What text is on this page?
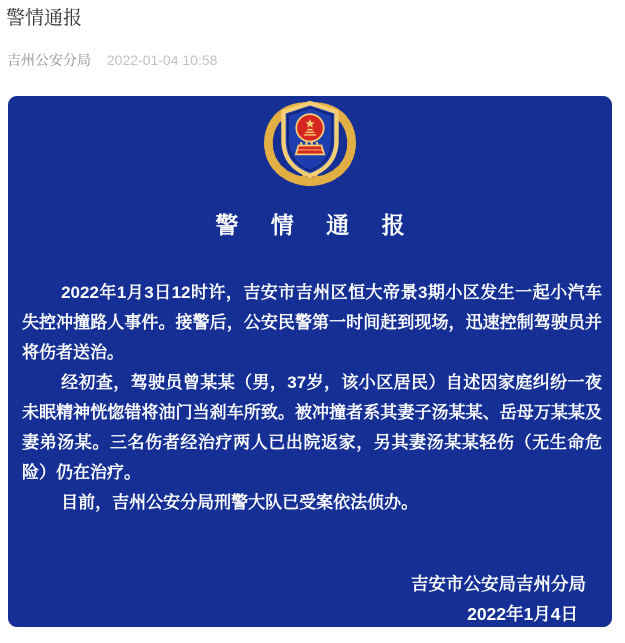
警情通报
吉州公安分局 2022-01-04 10:58
警 情 通 报

2022年1月3日12时许，吉安市吉州区恒大帝景3期小区发生一起小汽车失控冲撞路人事件。接警后，公安民警第一时间赶到现场，迅速控制驾驶员并将伤者送治。

经初查，驾驶员曾某某（男，37岁，该小区居民）自述因家庭纠纷一夜未眠精神恍惚错将油门当刹车所致。被冲撞者系其妻子汤某某、岳母万某某及妻弟汤某。三名伤者经治疗两人已出院返家，另其妻汤某某轻伤（无生命危险）仍在治疗。

目前，吉州公安分局刑警大队已受案依法侦办。

吉安市公安局吉州分局
2022年1月4日
